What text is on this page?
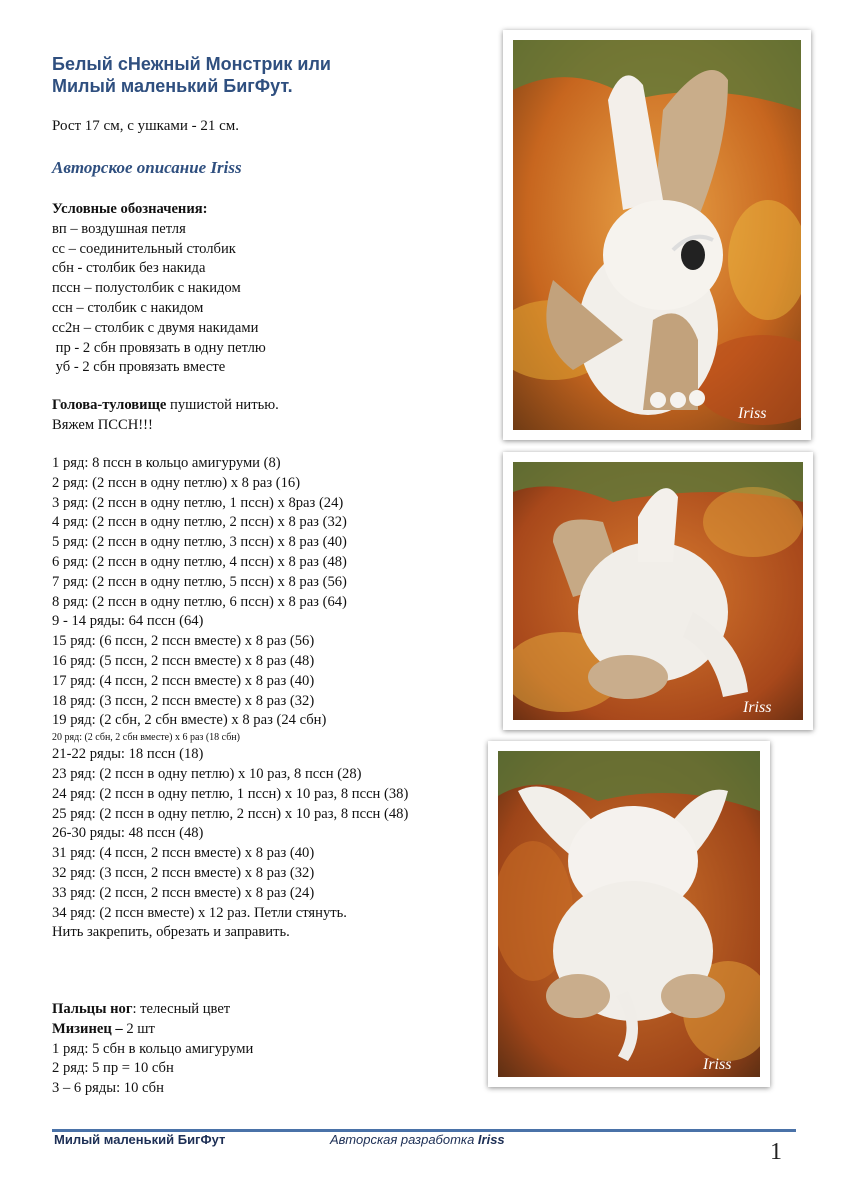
Белый сНежный Монстрик или
Милый маленький БигФут.
Рост 17 см, с ушками - 21 см.
Авторское описание Iriss
Условные обозначения:
вп – воздушная петля
сс – соединительный столбик
сбн - столбик без накида
пссн – полустолбик с накидом
ссн – столбик с накидом
сс2н – столбик с двумя накидами
пр - 2 сбн провязать в одну петлю
уб - 2 сбн провязать вместе
Голова-туловище пушистой нитью.
Вяжем ПССН!!!
1 ряд: 8 пссн в кольцо амигуруми (8)
2 ряд: (2 пссн в одну петлю) х 8 раз (16)
3 ряд: (2 пссн в одну петлю, 1 пссн) х 8раз (24)
4 ряд: (2 пссн в одну петлю, 2 пссн) х 8 раз (32)
5 ряд: (2 пссн в одну петлю, 3 пссн) х 8 раз (40)
6 ряд: (2 пссн в одну петлю, 4 пссн) х 8 раз (48)
7 ряд: (2 пссн в одну петлю, 5 пссн) х 8 раз (56)
8 ряд: (2 пссн в одну петлю, 6 пссн) х 8 раз (64)
9 - 14 ряды: 64 пссн (64)
15 ряд: (6 пссн, 2 пссн вместе) х 8 раз (56)
16 ряд: (5 пссн, 2 пссн вместе) х 8 раз (48)
17 ряд: (4 пссн, 2 пссн вместе) х 8 раз (40)
18 ряд: (3 пссн, 2 пссн вместе) х 8 раз (32)
19 ряд: (2 сбн, 2 сбн вместе) х 8 раз (24 сбн)
20 ряд: (2 сбн, 2 сбн вместе) х 6 раз (18 сбн)
21-22 ряды: 18 пссн (18)
23 ряд: (2 пссн в одну петлю) х 10 раз, 8 пссн (28)
24 ряд: (2 пссн в одну петлю, 1 пссн) х 10 раз, 8 пссн (38)
25 ряд: (2 пссн в одну петлю, 2 пссн) х 10 раз, 8 пссн (48)
26-30 ряды: 48 пссн (48)
31 ряд: (4 пссн, 2 пссн вместе) х 8 раз (40)
32 ряд: (3 пссн, 2 пссн вместе) х 8 раз (32)
33 ряд: (2 пссн, 2 пссн вместе) х 8 раз (24)
34 ряд: (2 пссн вместе) х 12 раз. Петли стянуть.
Нить закрепить, обрезать и заправить.
Пальцы ног: телесный цвет
Мизинец – 2 шт
1 ряд: 5 сбн в кольцо амигуруми
2 ряд: 5 пр = 10 сбн
3 – 6 ряды: 10 сбн
Iriss
Iriss
Iriss
Милый маленький БигФут	Авторская разработка Iriss	1
